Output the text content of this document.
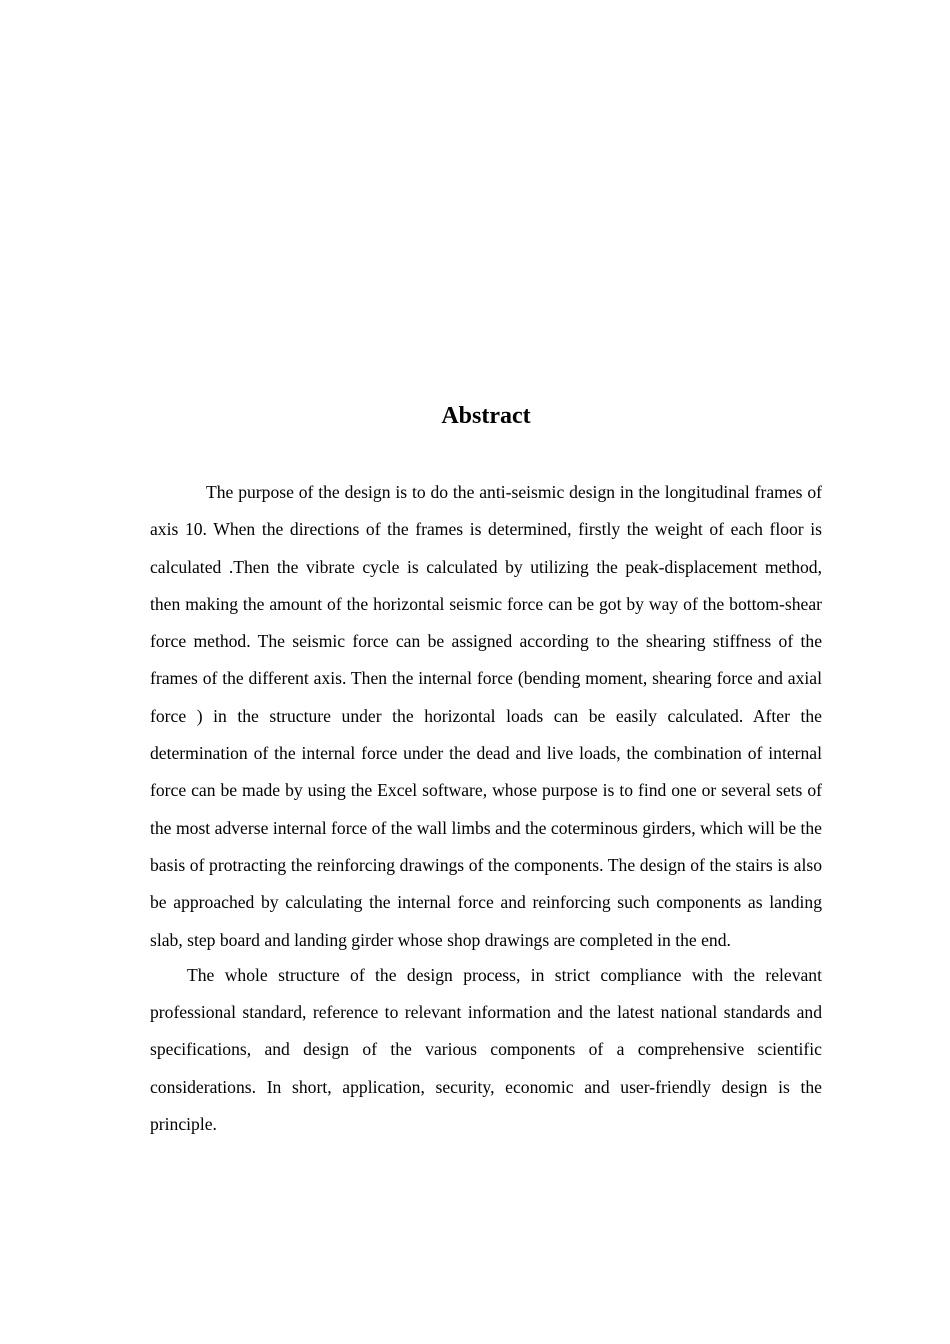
Abstract

The purpose of the design is to do the anti-seismic design in the longitudinal frames of axis 10. When the directions of the frames is determined, firstly the weight of each floor is calculated .Then the vibrate cycle is calculated by utilizing the peak-displacement method, then making the amount of the horizontal seismic force can be got by way of the bottom-shear force method. The seismic force can be assigned according to the shearing stiffness of the frames of the different axis. Then the internal force (bending moment, shearing force and axial force ) in the structure under the horizontal loads can be easily calculated. After the determination of the internal force under the dead and live loads, the combination of internal force can be made by using the Excel software, whose purpose is to find one or several sets of the most adverse internal force of the wall limbs and the coterminous girders, which will be the basis of protracting the reinforcing drawings of the components. The design of the stairs is also be approached by calculating the internal force and reinforcing such components as landing slab, step board and landing girder whose shop drawings are completed in the end.

The whole structure of the design process, in strict compliance with the relevant professional standard, reference to relevant information and the latest national standards and specifications, and design of the various components of a comprehensive scientific considerations. In short, application, security, economic and user-friendly design is the principle.
